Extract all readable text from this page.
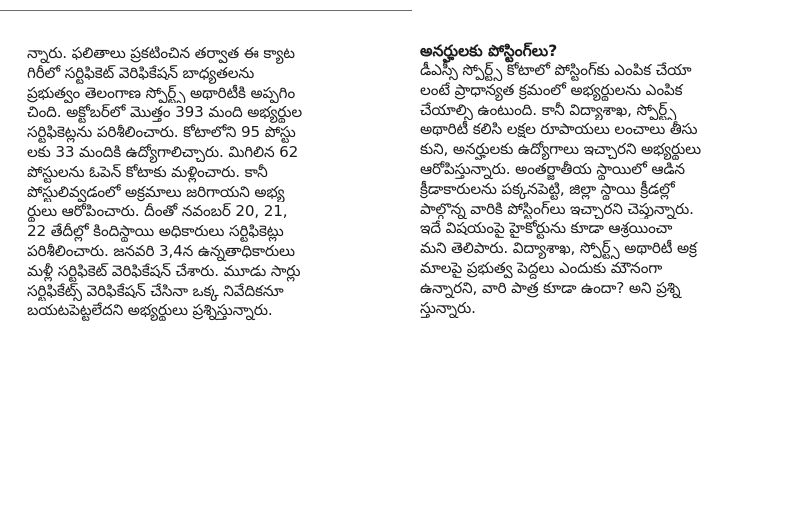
న్నారు. ఫలితాలు ప్రకటించిన తర్వాత ఈ క్యాట
గిరీలో సర్టిఫికెట్ వెరిఫికేషన్ బాధ్యతలను
ప్రభుత్వం తెలంగాణ స్పోర్ట్స్ అథారిటీకి అప్పగిం
చింది. అక్టోబర్‌లో మొత్తం 393 మంది అభ్యర్థుల
సర్టిఫికెట్లను పరిశీలించారు. కోటాలోని 95 పోస్టు
లకు 33 మందికి ఉద్యోగాలిచ్చారు. మిగిలిన 62
పోస్టులను ఓపెన్ కోటాకు మళ్లించారు. కానీ
పోస్టులివ్వడంలో అక్రమాలు జరిగాయని అభ్య
ర్థులు ఆరోపించారు. దీంతో నవంబర్ 20, 21,
22 తేదీల్లో కిందిస్థాయి అధికారులు సర్టిఫికెట్లు
పరిశీలించారు. జనవరి 3,4న ఉన్నతాధికారులు
మళ్లీ సర్టిఫికెట్ వెరిఫికేషన్ చేశారు. మూడు సార్లు
సర్టిఫికేట్స్ వెరిఫికేషన్ చేసినా ఒక్క నివేదికనూ
బయటపెట్టలేదని అభ్యర్థులు ప్రశ్నిస్తున్నారు.
అనర్హులకు పోస్టింగ్‌లు?
డీఎస్సీ స్పోర్ట్స్ కోటాలో పోస్టింగ్‌కు ఎంపిక చేయా
లంటే ప్రాధాన్యత క్రమంలో అభ్యర్థులను ఎంపిక
చేయాల్సి ఉంటుంది. కానీ విద్యాశాఖ, స్పోర్ట్స్
అథారిటీ కలిసి లక్షల రూపాయలు లంచాలు తీసు
కుని, అనర్హులకు ఉద్యోగాలు ఇచ్చారని అభ్యర్థులు
ఆరోపిస్తున్నారు. అంతర్జాతీయ స్థాయిలో ఆడిన
క్రీడాకారులను పక్కనపెట్టి, జిల్లా స్థాయి క్రీడల్లో
పాల్గొన్న వారికి పోస్టింగ్‌లు ఇచ్చారని చెప్తున్నారు.
ఇదే విషయంపై హైకోర్టును కూడా ఆశ్రయించా
మని తెలిపారు. విద్యాశాఖ, స్పోర్ట్స్ అథారిటీ అక్ర
మాలపై ప్రభుత్వ పెద్దలు ఎందుకు మౌనంగా
ఉన్నారని, వారి పాత్ర కూడా ఉందా? అని ప్రశ్ని
స్తున్నారు.
